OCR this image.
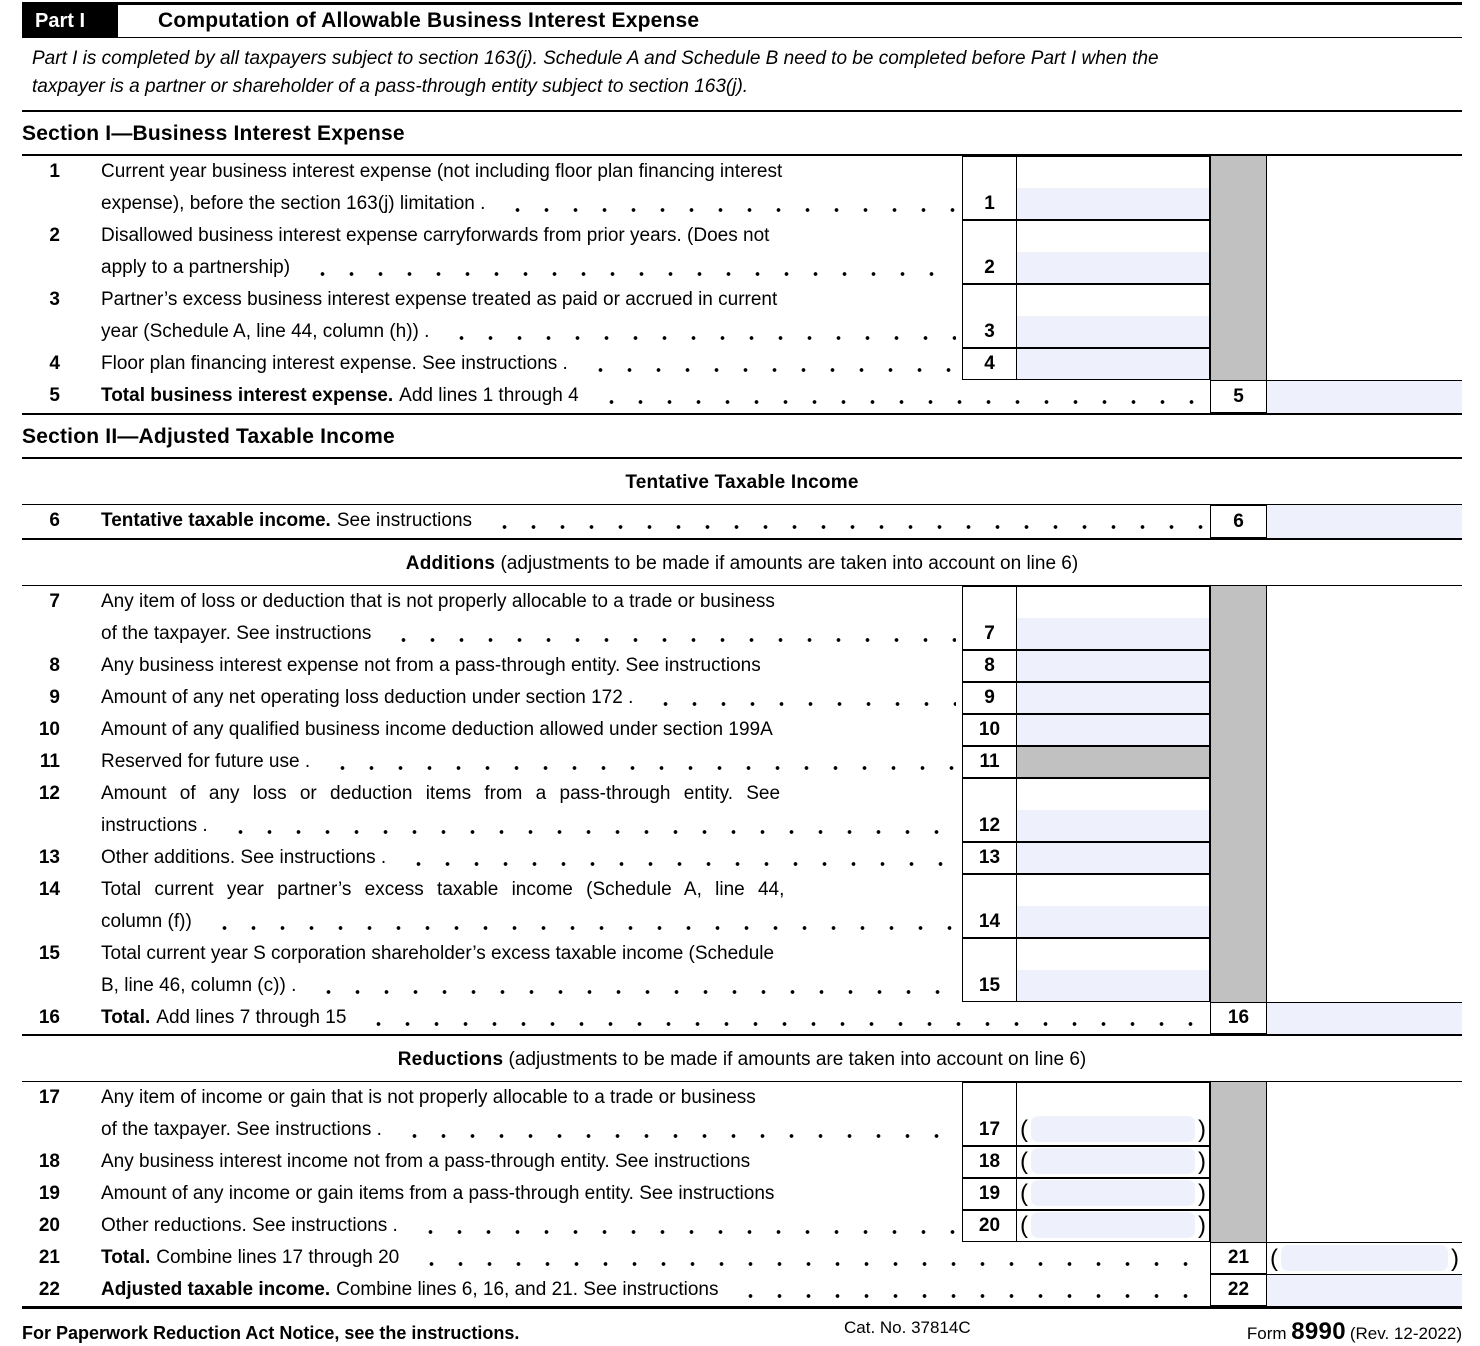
Part I	Computation of Allowable Business Interest Expense
Part I is completed by all taxpayers subject to section 163(j). Schedule A and Schedule B need to be completed before Part I when the
taxpayer is a partner or shareholder of a pass-through entity subject to section 163(j).
Section I—Business Interest Expense
1 Current year business interest expense (not including floor plan financing interest
expense), before the section 163(j) limitation .	1
2 Disallowed business interest expense carryforwards from prior years. (Does not
apply to a partnership)	2
3 Partner’s excess business interest expense treated as paid or accrued in current
year (Schedule A, line 44, column (h)) .	3
4 Floor plan financing interest expense. See instructions .	4
5 Total business interest expense. Add lines 1 through 4	5
Section II—Adjusted Taxable Income
Tentative Taxable Income
6 Tentative taxable income. See instructions	6
Additions (adjustments to be made if amounts are taken into account on line 6)
7 Any item of loss or deduction that is not properly allocable to a trade or business
of the taxpayer. See instructions	7
8 Any business interest expense not from a pass-through entity. See instructions	8
9 Amount of any net operating loss deduction under section 172 .	9
10 Amount of any qualified business income deduction allowed under section 199A	10
11 Reserved for future use .	11
12 Amount of any loss or deduction items from a pass-through entity. See
instructions .	12
13 Other additions. See instructions .	13
14 Total current year partner’s excess taxable income (Schedule A, line 44,
column (f))	14
15 Total current year S corporation shareholder’s excess taxable income (Schedule
B, line 46, column (c)) .	15
16 Total. Add lines 7 through 15	16
Reductions (adjustments to be made if amounts are taken into account on line 6)
17 Any item of income or gain that is not properly allocable to a trade or business
of the taxpayer. See instructions .	17 (	)
18 Any business interest income not from a pass-through entity. See instructions	18 (	)
19 Amount of any income or gain items from a pass-through entity. See instructions	19 (	)
20 Other reductions. See instructions .	20 (	)
21 Total. Combine lines 17 through 20	21 (	)
22 Adjusted taxable income. Combine lines 6, 16, and 21. See instructions	22
For Paperwork Reduction Act Notice, see the instructions.	Cat. No. 37814C	Form 8990 (Rev. 12-2022)
